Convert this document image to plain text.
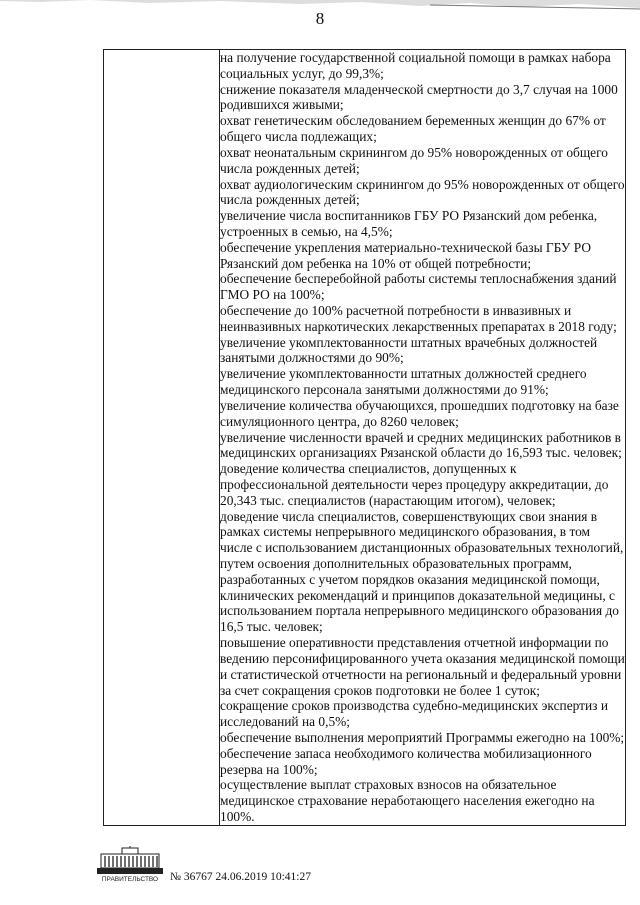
8

на получение государственной социальной помощи в рамках набора социальных услуг, до 99,3%;
снижение показателя младенческой смертности до 3,7 случая на 1000 родившихся живыми;
охват генетическим обследованием беременных женщин до 67% от общего числа подлежащих;
охват неонатальным скринингом до 95% новорожденных от общего числа рожденных детей;
охват аудиологическим скринингом до 95% новорожденных от общего числа рожденных детей;
увеличение числа воспитанников ГБУ РО Рязанский дом ребенка, устроенных в семью, на 4,5%;
обеспечение укрепления материально-технической базы ГБУ РО Рязанский дом ребенка на 10% от общей потребности;
обеспечение бесперебойной работы системы теплоснабжения зданий ГМО РО на 100%;
обеспечение до 100% расчетной потребности в инвазивных и неинвазивных наркотических лекарственных препаратах в 2018 году;
увеличение укомплектованности штатных врачебных должностей занятыми должностями до 90%;
увеличение укомплектованности штатных должностей среднего медицинского персонала занятыми должностями до 91%;
увеличение количества обучающихся, прошедших подготовку на базе симуляционного центра, до 8260 человек;
увеличение численности врачей и средних медицинских работников в медицинских организациях Рязанской области до 16,593 тыс. человек;
доведение количества специалистов, допущенных к профессиональной деятельности через процедуру аккредитации, до 20,343 тыс. специалистов (нарастающим итогом), человек;
доведение числа специалистов, совершенствующих свои знания в рамках системы непрерывного медицинского образования, в том числе с использованием дистанционных образовательных технологий, путем освоения дополнительных образовательных программ, разработанных с учетом порядков оказания медицинской помощи, клинических рекомендаций и принципов доказательной медицины, с использованием портала непрерывного медицинского образования до 16,5 тыс. человек;
повышение оперативности представления отчетной информации по ведению персонифицированного учета оказания медицинской помощи и статистической отчетности на региональный и федеральный уровни за счет сокращения сроков подготовки не более 1 суток;
сокращение сроков производства судебно-медицинских экспертиз и исследований на 0,5%;
обеспечение выполнения мероприятий Программы ежегодно на 100%;
обеспечение запаса необходимого количества мобилизационного резерва на 100%;
осуществление выплат страховых взносов на обязательное медицинское страхование неработающего населения ежегодно на 100%.
ПРАВИТЕЛЬСТВО № 36767 24.06.2019 10:41:27
